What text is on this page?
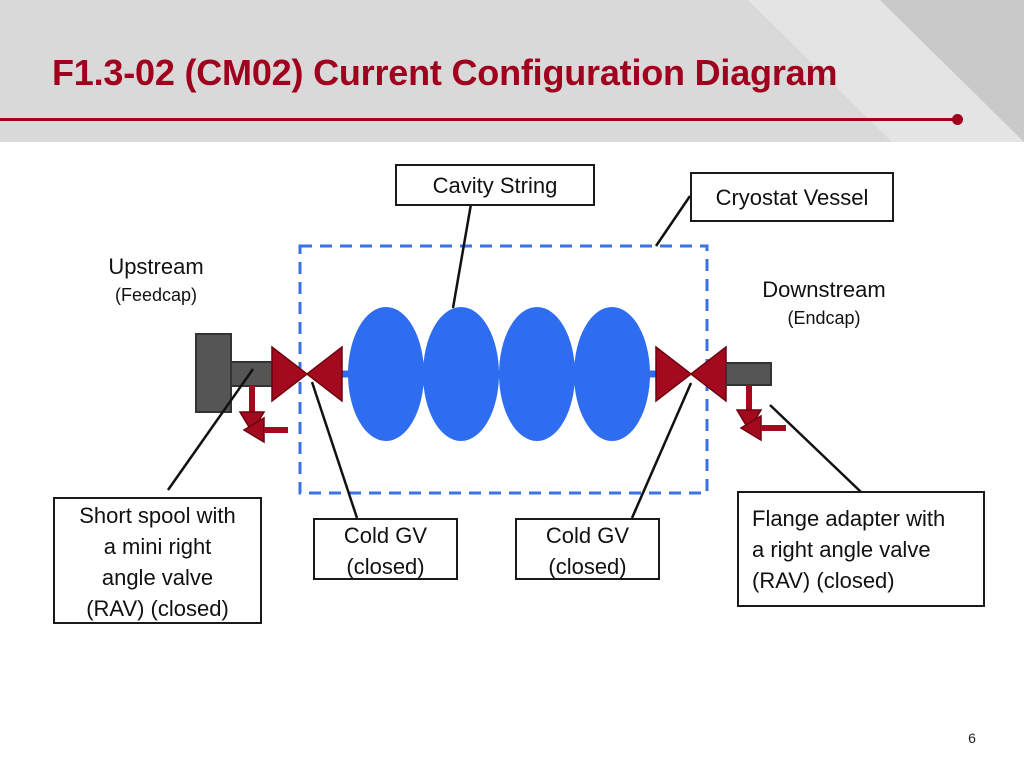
F1.3-02 (CM02) Current Configuration Diagram
Upstream
(Feedcap)	Downstream
(Endcap)
Cavity String	Cryostat Vessel
Short spool with
a mini right
angle valve
(RAV) (closed)
Cold GV
(closed)
Cold GV
(closed)
Flange adapter with
a right angle valve
(RAV) (closed)
6
